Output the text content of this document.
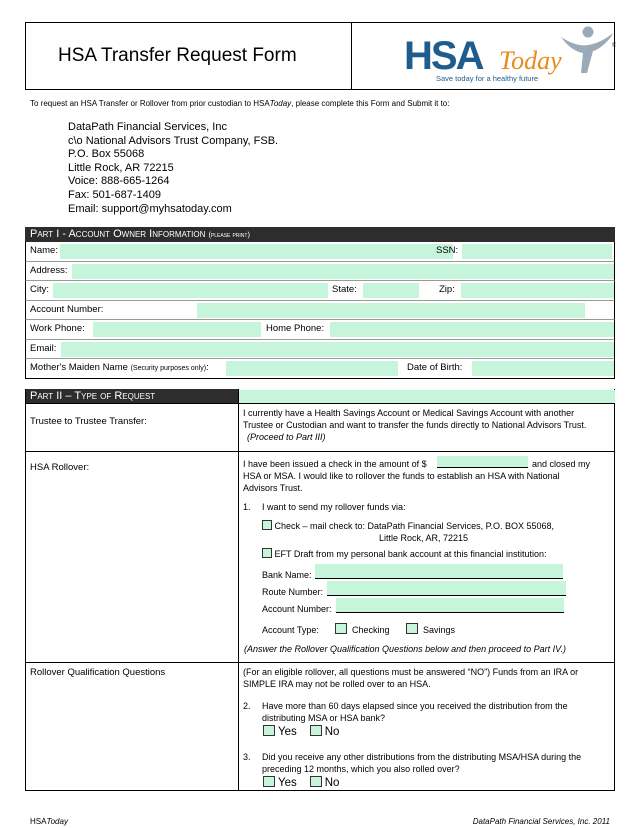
HSA Transfer Request Form	HSA Today	®
Save today for a healthy future
To request an HSA Transfer or Rollover from prior custodian to HSAToday, please complete this Form and Submit it to:
DataPath Financial Services, Inc
c\o National Advisors Trust Company, FSB.
P.O. Box 55068
Little Rock, AR 72215
Voice: 888-665-1264
Fax: 501-687-1409
Email: support@myhsatoday.com
Part I - Account Owner Information (please print)
Name:	SSN:
Address:
City:	State:	Zip:
Account Number:
Work Phone:	Home Phone:
Email:
Mother's Maiden Name (Security purposes only):	Date of Birth:
Part II – Type of Request
Trustee to Trustee Transfer:
I currently have a Health Savings Account or Medical Savings Account with another
Trustee or Custodian and want to transfer the funds directly to National Advisors Trust.
(Proceed to Part III)
HSA Rollover:	I have been issued a check in the amount of $	and closed my
HSA or MSA. I would like to rollover the funds to establish an HSA with National
Advisors Trust.
1. I want to send my rollover funds via:
Check – mail check to: DataPath Financial Services, P.O. BOX 55068,
Little Rock, AR, 72215
EFT Draft from my personal bank account at this financial institution:
Bank Name:
Route Number:
Account Number:
Account Type:	Checking	Savings
(Answer the Rollover Qualification Questions below and then proceed to Part IV.)
Rollover Qualification Questions	(For an eligible rollover, all questions must be answered “NO”) Funds from an IRA or
SIMPLE IRA may not be rolled over to an HSA.
2. Have more than 60 days elapsed since you received the distribution from the
distributing MSA or HSA bank?
Yes No
3. Did you receive any other distributions from the distributing MSA/HSA during the
preceding 12 months, which you also rolled over?
Yes No
HSAToday	DataPath Financial Services, Inc. 2011
